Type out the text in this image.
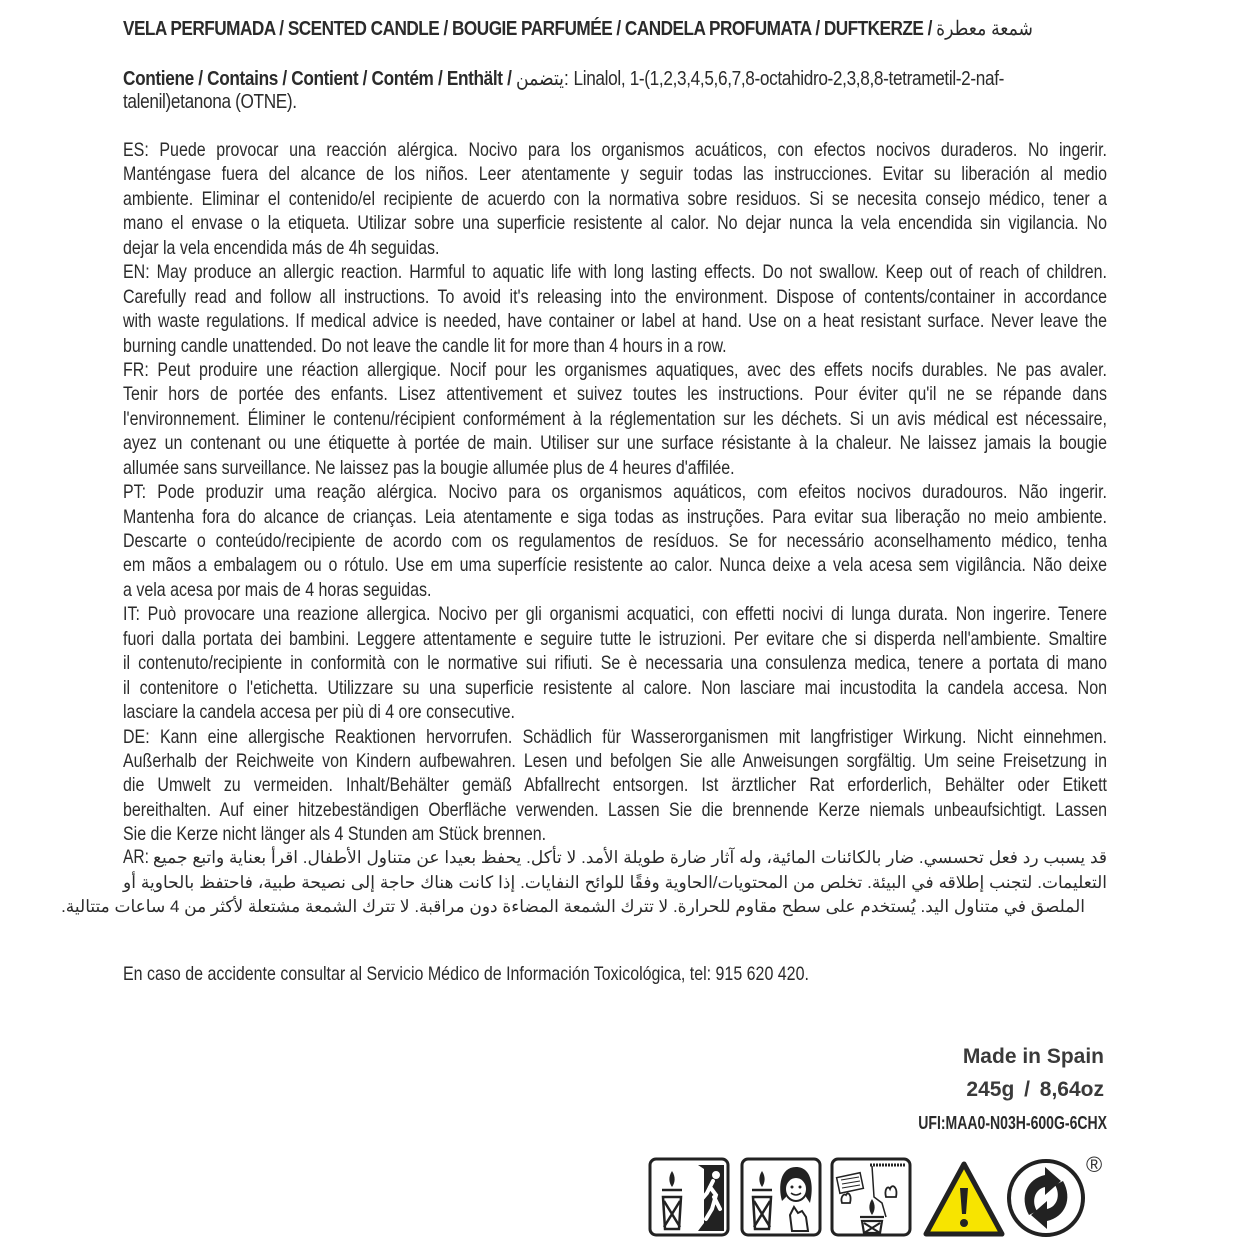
VELA PERFUMADA / SCENTED CANDLE / BOUGIE PARFUMÉE / CANDELA PROFUMATA / DUFTKERZE / شمعة معطرة
Contiene / Contains / Contient / Contém / Enthält / يتضمن: Linalol, 1-(1,2,3,4,5,6,7,8-octahidro-2,3,8,8-tetrametil-2-naf-
talenil)etanona (OTNE).
ES: Puede provocar una reacción alérgica. Nocivo para los organismos acuáticos, con efectos nocivos duraderos. No ingerir.
Manténgase fuera del alcance de los niños. Leer atentamente y seguir todas las instrucciones. Evitar su liberación al medio
ambiente. Eliminar el contenido/el recipiente de acuerdo con la normativa sobre residuos. Si se necesita consejo médico, tener a
mano el envase o la etiqueta. Utilizar sobre una superficie resistente al calor. No dejar nunca la vela encendida sin vigilancia. No
dejar la vela encendida más de 4h seguidas.
EN: May produce an allergic reaction. Harmful to aquatic life with long lasting effects. Do not swallow. Keep out of reach of children.
Carefully read and follow all instructions. To avoid it's releasing into the environment. Dispose of contents/container in accordance
with waste regulations. If medical advice is needed, have container or label at hand. Use on a heat resistant surface. Never leave the
burning candle unattended. Do not leave the candle lit for more than 4 hours in a row.
FR: Peut produire une réaction allergique. Nocif pour les organismes aquatiques, avec des effets nocifs durables. Ne pas avaler.
Tenir hors de portée des enfants. Lisez attentivement et suivez toutes les instructions. Pour éviter qu'il ne se répande dans
l'environnement. Éliminer le contenu/récipient conformément à la réglementation sur les déchets. Si un avis médical est nécessaire,
ayez un contenant ou une étiquette à portée de main. Utiliser sur une surface résistante à la chaleur. Ne laissez jamais la bougie
allumée sans surveillance. Ne laissez pas la bougie allumée plus de 4 heures d'affilée.
PT: Pode produzir uma reação alérgica. Nocivo para os organismos aquáticos, com efeitos nocivos duradouros. Não ingerir.
Mantenha fora do alcance de crianças. Leia atentamente e siga todas as instruções. Para evitar sua liberação no meio ambiente.
Descarte o conteúdo/recipiente de acordo com os regulamentos de resíduos. Se for necessário aconselhamento médico, tenha
em mãos a embalagem ou o rótulo. Use em uma superfície resistente ao calor. Nunca deixe a vela acesa sem vigilância. Não deixe
a vela acesa por mais de 4 horas seguidas.
IT: Può provocare una reazione allergica. Nocivo per gli organismi acquatici, con effetti nocivi di lunga durata. Non ingerire. Tenere
fuori dalla portata dei bambini. Leggere attentamente e seguire tutte le istruzioni. Per evitare che si disperda nell'ambiente. Smaltire
il contenuto/recipiente in conformità con le normative sui rifiuti. Se è necessaria una consulenza medica, tenere a portata di mano
il contenitore o l'etichetta. Utilizzare su una superficie resistente al calore. Non lasciare mai incustodita la candela accesa. Non
lasciare la candela accesa per più di 4 ore consecutive.
DE: Kann eine allergische Reaktionen hervorrufen. Schädlich für Wasserorganismen mit langfristiger Wirkung. Nicht einnehmen.
Außerhalb der Reichweite von Kindern aufbewahren. Lesen und befolgen Sie alle Anweisungen sorgfältig. Um seine Freisetzung in
die Umwelt zu vermeiden. Inhalt/Behälter gemäß Abfallrecht entsorgen. Ist ärztlicher Rat erforderlich, Behälter oder Etikett
bereithalten. Auf einer hitzebeständigen Oberfläche verwenden. Lassen Sie die brennende Kerze niemals unbeaufsichtigt. Lassen
Sie die Kerze nicht länger als 4 Stunden am Stück brennen.
AR: قد يسبب رد فعل تحسسي. ضار بالكائنات المائية، وله آثار ضارة طويلة الأمد. لا تأكل. يحفظ بعيدا عن متناول الأطفال. اقرأ بعناية واتبع جميع
التعليمات. لتجنب إطلاقه في البيئة. تخلص من المحتويات/الحاوية وفقًا للوائح النفايات. إذا كانت هناك حاجة إلى نصيحة طبية، فاحتفظ بالحاوية أو
الملصق في متناول اليد. يُستخدم على سطح مقاوم للحرارة. لا تترك الشمعة المضاءة دون مراقبة. لا تترك الشمعة مشتعلة لأكثر من 4 ساعات متتالية.
En caso de accidente consultar al Servicio Médico de Información Toxicológica, tel: 915 620 420.
Made in Spain
245g / 8,64oz
UFI:MAA0-N03H-600G-6CHX
®
